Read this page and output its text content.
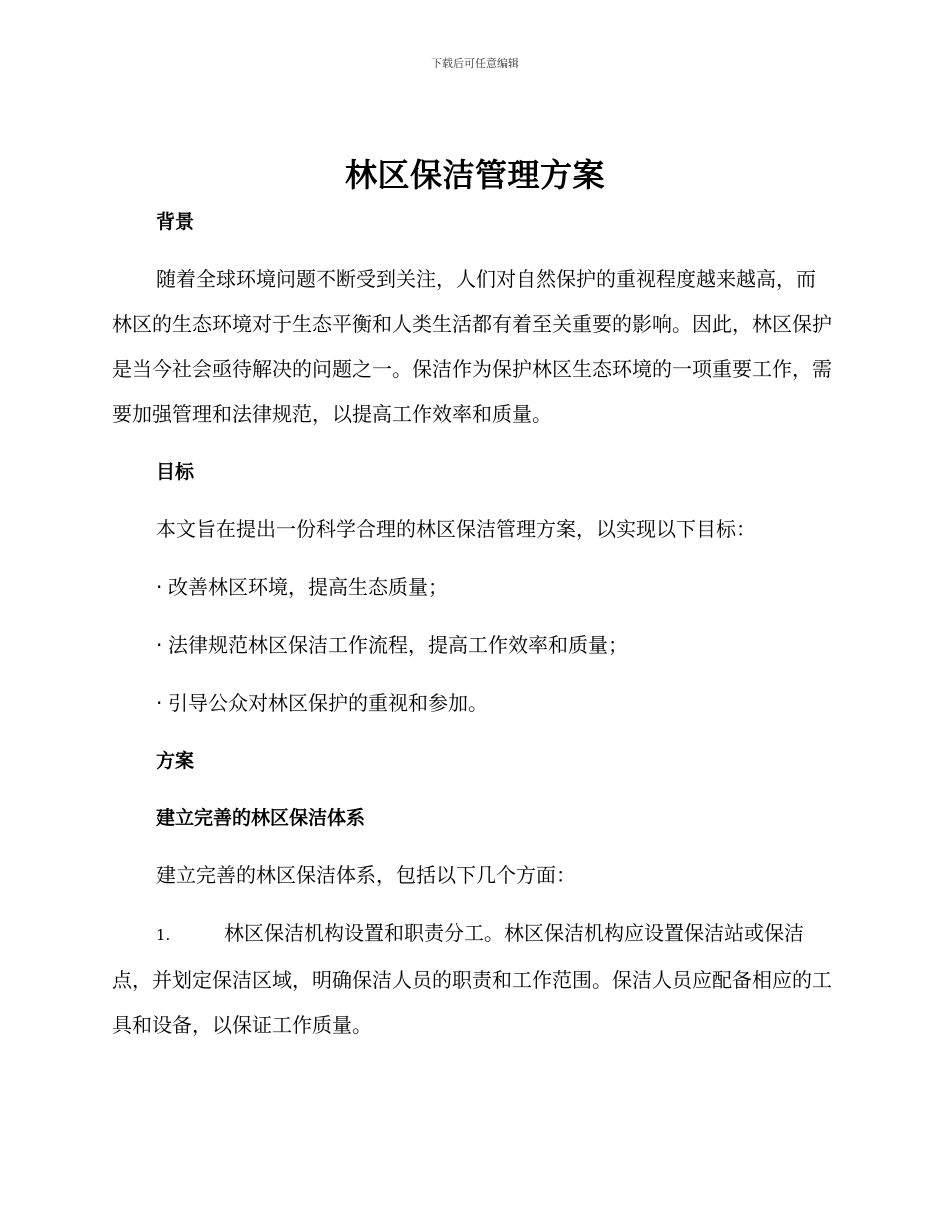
下载后可任意编辑
林区保洁管理方案
背景

随着全球环境问题不断受到关注，人们对自然保护的重视程度越来越高，而林区的生态环境对于生态平衡和人类生活都有着至关重要的影响。因此，林区保护是当今社会亟待解决的问题之一。保洁作为保护林区生态环境的一项重要工作，需要加强管理和法律规范，以提高工作效率和质量。

目标

本文旨在提出一份科学合理的林区保洁管理方案，以实现以下目标：

· 改善林区环境，提高生态质量；
· 法律规范林区保洁工作流程，提高工作效率和质量；
· 引导公众对林区保护的重视和参加。
方案
建立完善的林区保洁体系

建立完善的林区保洁体系，包括以下几个方面：

1.	林区保洁机构设置和职责分工。林区保洁机构应设置保洁站或保洁点，并划定保洁区域，明确保洁人员的职责和工作范围。保洁人员应配备相应的工具和设备，以保证工作质量。
